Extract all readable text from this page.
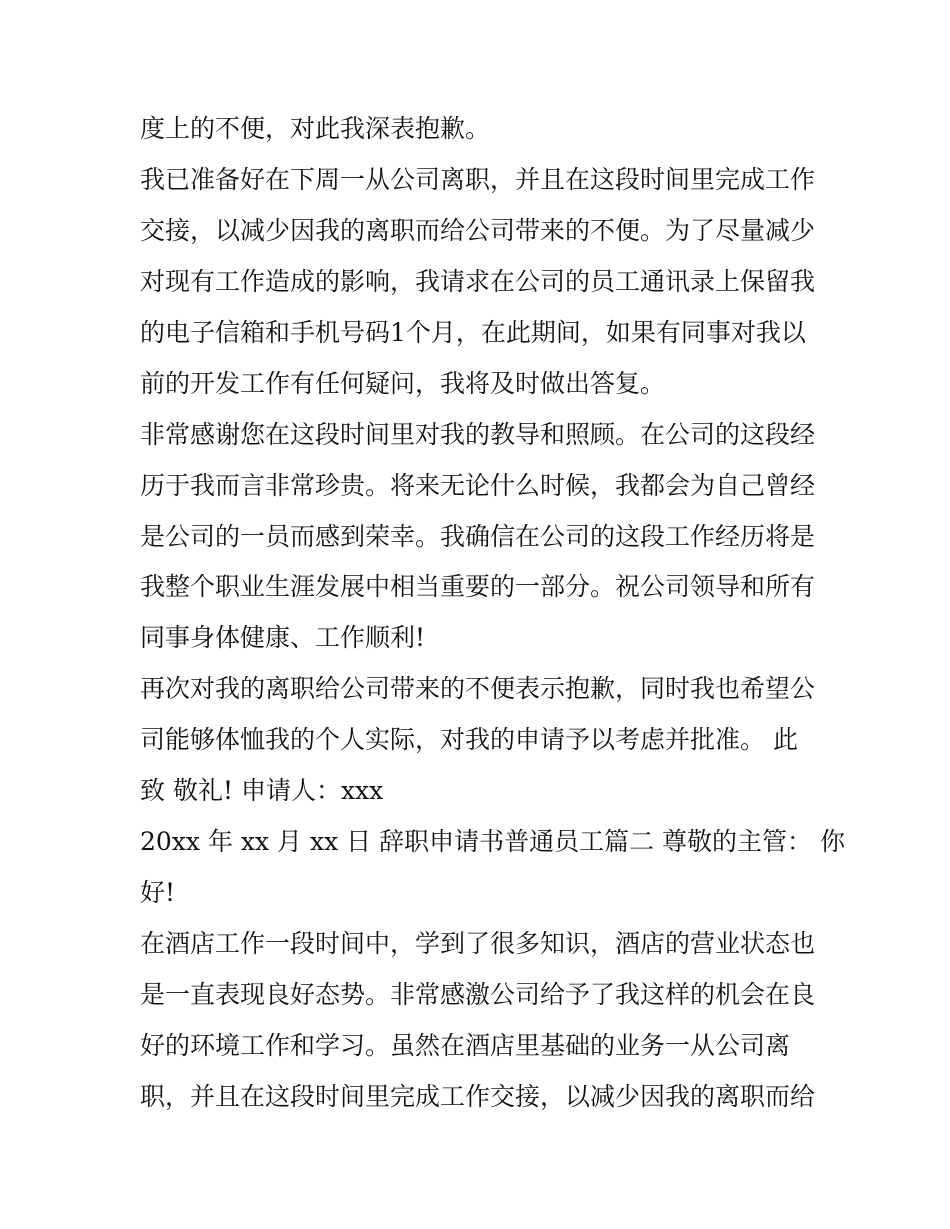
度上的不便，对此我深表抱歉。
我已准备好在下周一从公司离职，并且在这段时间里完成工作
交接，以减少因我的离职而给公司带来的不便。为了尽量减少
对现有工作造成的影响，我请求在公司的员工通讯录上保留我
的电子信箱和手机号码1个月，在此期间，如果有同事对我以
前的开发工作有任何疑问，我将及时做出答复。
非常感谢您在这段时间里对我的教导和照顾。在公司的这段经
历于我而言非常珍贵。将来无论什么时候，我都会为自己曾经
是公司的一员而感到荣幸。我确信在公司的这段工作经历将是
我整个职业生涯发展中相当重要的一部分。祝公司领导和所有
同事身体健康、工作顺利!
再次对我的离职给公司带来的不便表示抱歉，同时我也希望公
司能够体恤我的个人实际，对我的申请予以考虑并批准。 此
致 敬礼! 申请人：xxx
20xx 年 xx 月 xx 日 辞职申请书普通员工篇二 尊敬的主管： 你
好!
在酒店工作一段时间中，学到了很多知识，酒店的营业状态也
是一直表现良好态势。非常感激公司给予了我这样的机会在良
好的环境工作和学习。虽然在酒店里基础的业务一从公司离
职，并且在这段时间里完成工作交接，以减少因我的离职而给
